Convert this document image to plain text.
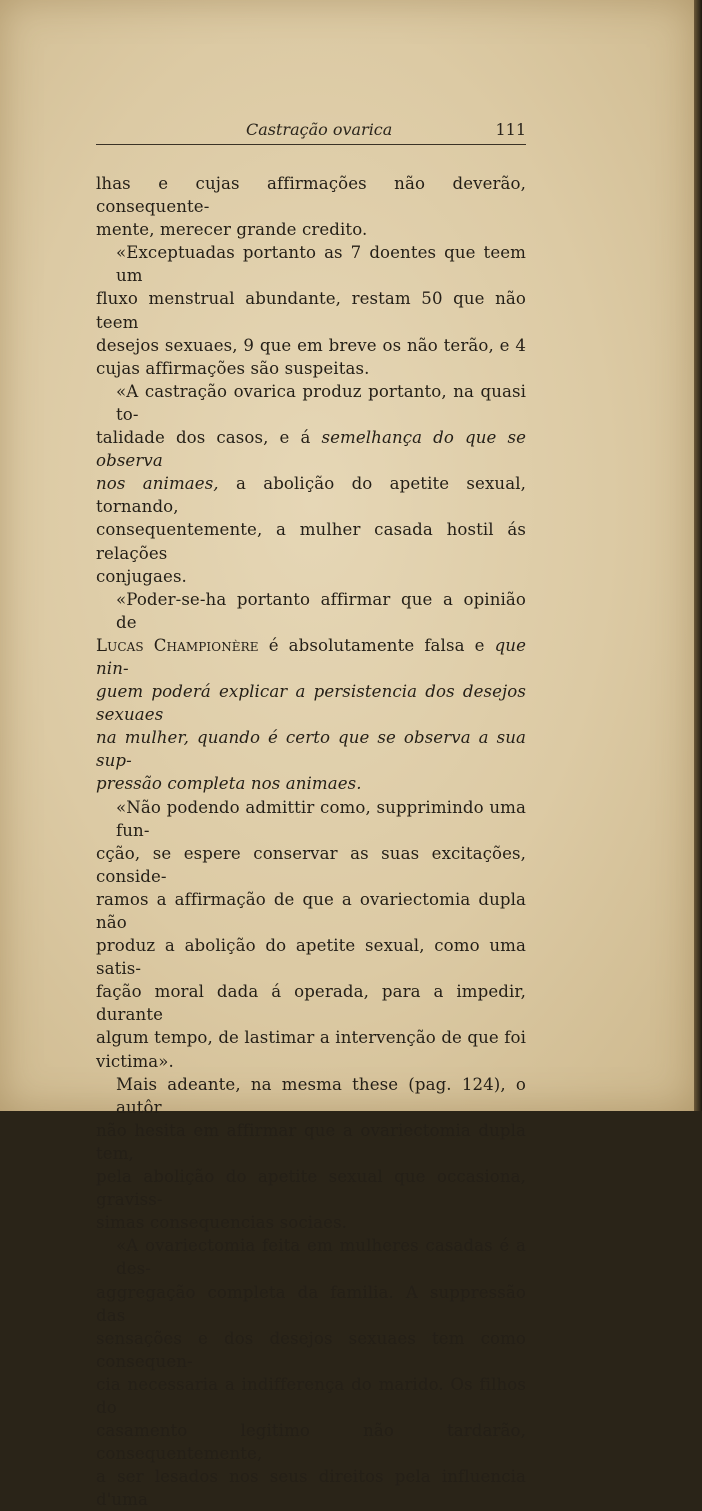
Castração ovarica	111
lhas e cujas affirmações não deverão, consequente-
mente, merecer grande credito.
«Exceptuadas portanto as 7 doentes que teem um
fluxo menstrual abundante, restam 50 que não teem
desejos sexuaes, 9 que em breve os não terão, e 4
cujas affirmações são suspeitas.
«A castração ovarica produz portanto, na quasi to-
talidade dos casos, e á semelhança do que se observa
nos animaes, a abolição do apetite sexual, tornando,
consequentemente, a mulher casada hostil ás relações
conjugaes.
«Poder-se-ha portanto affirmar que a opinião de
Lucas Championère é absolutamente falsa e que nin-
guem poderá explicar a persistencia dos desejos sexuaes
na mulher, quando é certo que se observa a sua sup-
pressão completa nos animaes.
«Não podendo admittir como, supprimindo uma fun-
cção, se espere conservar as suas excitações, conside-
ramos a affirmação de que a ovariectomia dupla não
produz a abolição do apetite sexual, como uma satis-
fação moral dada á operada, para a impedir, durante
algum tempo, de lastimar a intervenção de que foi
victima».
Mais adeante, na mesma these (pag. 124), o autôr
não hesita em affirmar que a ovariectomia dupla tem,
pela abolição do apetite sexual que occasiona, graviss-
simas consequencias sociaes.
«A ovariectomia feita em mulheres casadas é a des-
aggregação completa da familia. A suppressão das
sensações e dos desejos sexuaes tem como consequen-
cia necessaria a indifferença do marido. Os filhos do
casamento legitimo não tardarão, consequentemente,
a ser lesados nos seus direitos pela influencia d'uma
